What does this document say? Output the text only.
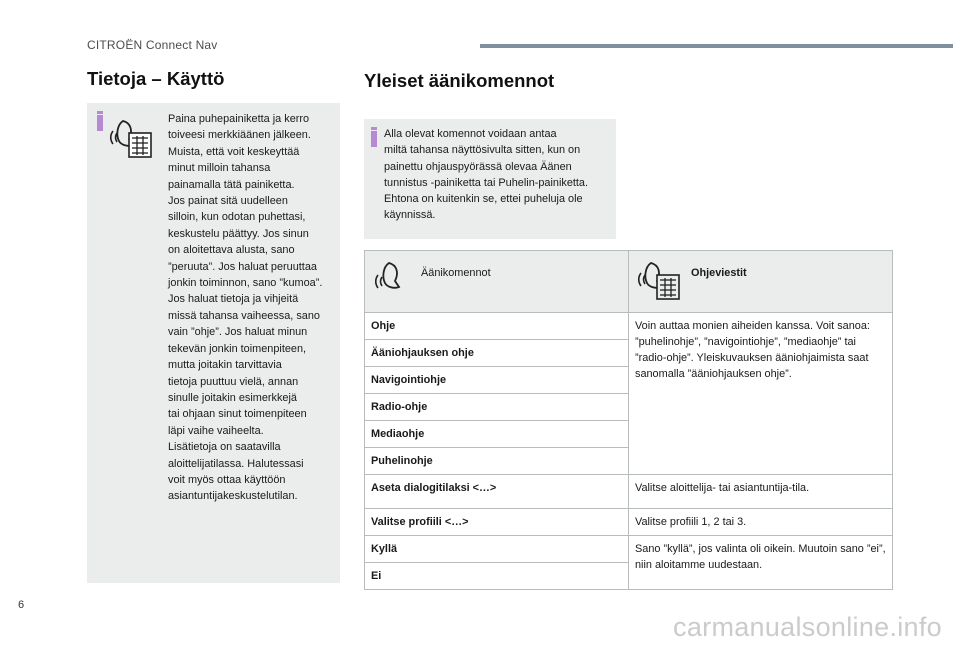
CITROËN Connect Nav
Tietoja – Käyttö	Yleiset äänikomennot

Paina puhepainiketta ja kerro

toiveesi merkkiäänen jälkeen.

Muista, että voit keskeyttää

minut milloin tahansa

painamalla tätä painiketta.

Jos painat sitä uudelleen

silloin, kun odotan puhettasi,

keskustelu päättyy. Jos sinun

on aloitettava alusta, sano

”peruuta”. Jos haluat peruuttaa

jonkin toiminnon, sano ”kumoa”.

Jos haluat tietoja ja vihjeitä

missä tahansa vaiheessa, sano

vain ”ohje”. Jos haluat minun

tekevän jonkin toimenpiteen,

mutta joitakin tarvittavia

tietoja puuttuu vielä, annan

sinulle joitakin esimerkkejä

tai ohjaan sinut toimenpiteen

läpi vaihe vaiheelta.

Lisätietoja on saatavilla

aloittelijatilassa. Halutessasi

voit myös ottaa käyttöön

asiantuntijakeskustelutilan.

Alla olevat komennot voidaan antaa
miltä tahansa näyttösivulta sitten, kun on
painettu ohjauspyörässä olevaa Äänen
tunnistus -painiketta tai Puhelin-painiketta.
Ehtona on kuitenkin se, ettei puheluja ole
käynnissä.
Äänikomennot	Ohjeviestit

Ohje	Voin auttaa monien aiheiden kanssa. Voit sanoa: ”puhelinohje”, ”navigointiohje”, ”mediaohje” tai ”radio-ohje”. Yleiskuvauksen ääniohjaimista saat sanomalla ”ääniohjauksen ohje”.

Ääniohjauksen ohje	

Navigointiohje	

Radio-ohje	

Mediaohje	

Puhelinohje	

Aseta dialogitilaksi <…>	Valitse aloittelija- tai asiantuntija-tila.

Valitse profiili <…>	Valitse profiili 1, 2 tai 3.

Kyllä	Sano ”kyllä”, jos valinta oli oikein. Muutoin sano ”ei”, niin aloitamme uudestaan.

Ei	
6
carmanualsonline.info
